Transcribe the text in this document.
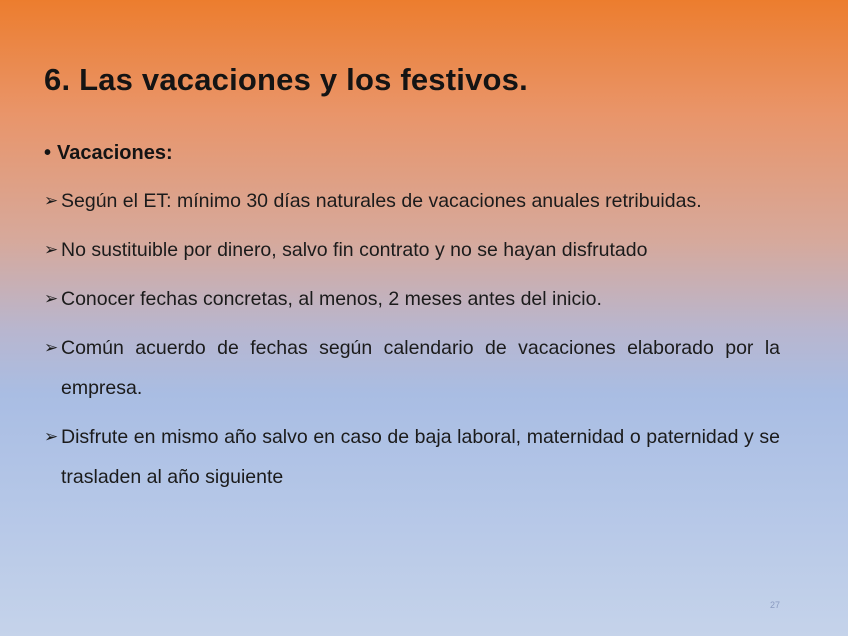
6. Las vacaciones y los festivos.
• Vacaciones:
➢ Según el ET: mínimo 30 días naturales de vacaciones anuales retribuidas.
➢ No sustituible por dinero, salvo fin contrato y no se hayan disfrutado
➢ Conocer fechas concretas, al menos, 2 meses antes del inicio.
➢ Común acuerdo de fechas según calendario de vacaciones elaborado por la empresa.
➢ Disfrute en mismo año salvo en caso de baja laboral, maternidad o paternidad y se trasladen al año siguiente
27
